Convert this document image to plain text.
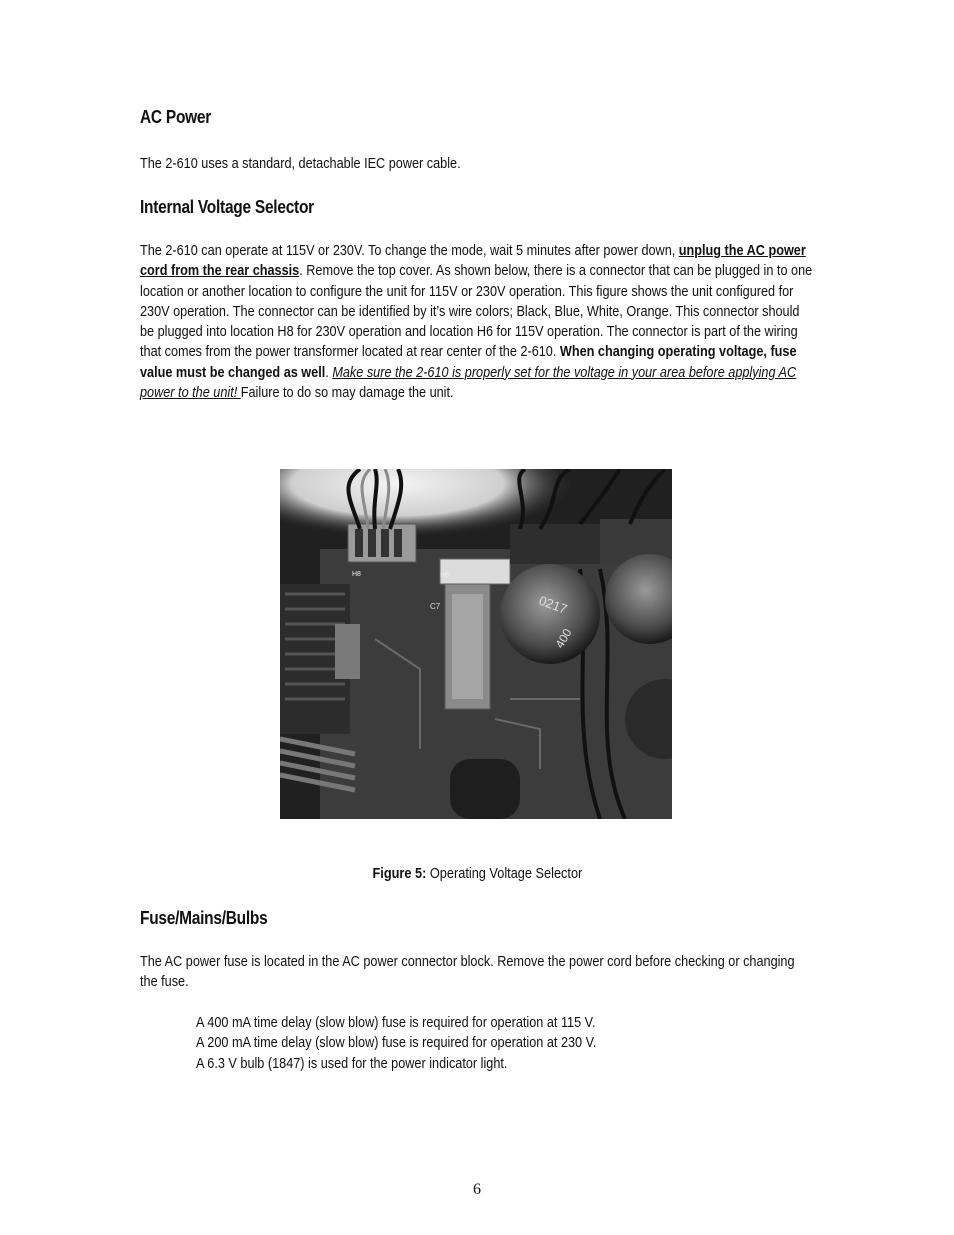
AC Power

The 2-610 uses a standard, detachable IEC power cable.

Internal Voltage Selector

The 2-610 can operate at 115V or 230V. To change the mode, wait 5 minutes after power down, unplug the AC power cord from the rear chassis. Remove the top cover. As shown below, there is a connector that can be plugged in to one location or another location to configure the unit for 115V or 230V operation. This figure shows the unit configured for 230V operation. The connector can be identified by it’s wire colors; Black, Blue, White, Orange. This connector should be plugged into location H8 for 230V operation and location H6 for 115V operation. The connector is part of the wiring that comes from the power transformer located at rear center of the 2-610. When changing operating voltage, fuse value must be changed as well. Make sure the 2-610 is properly set for the voltage in your area before applying AC power to the unit! Failure to do so may damage the unit.

H8	H6
C7	0217
400
Figure 5: Operating Voltage Selector
Fuse/Mains/Bulbs

The AC power fuse is located in the AC power connector block. Remove the power cord before checking or changing the fuse.

A 400 mA time delay (slow blow) fuse is required for operation at 115 V.
A 200 mA time delay (slow blow) fuse is required for operation at 230 V.
A 6.3 V bulb (1847) is used for the power indicator light.
6
